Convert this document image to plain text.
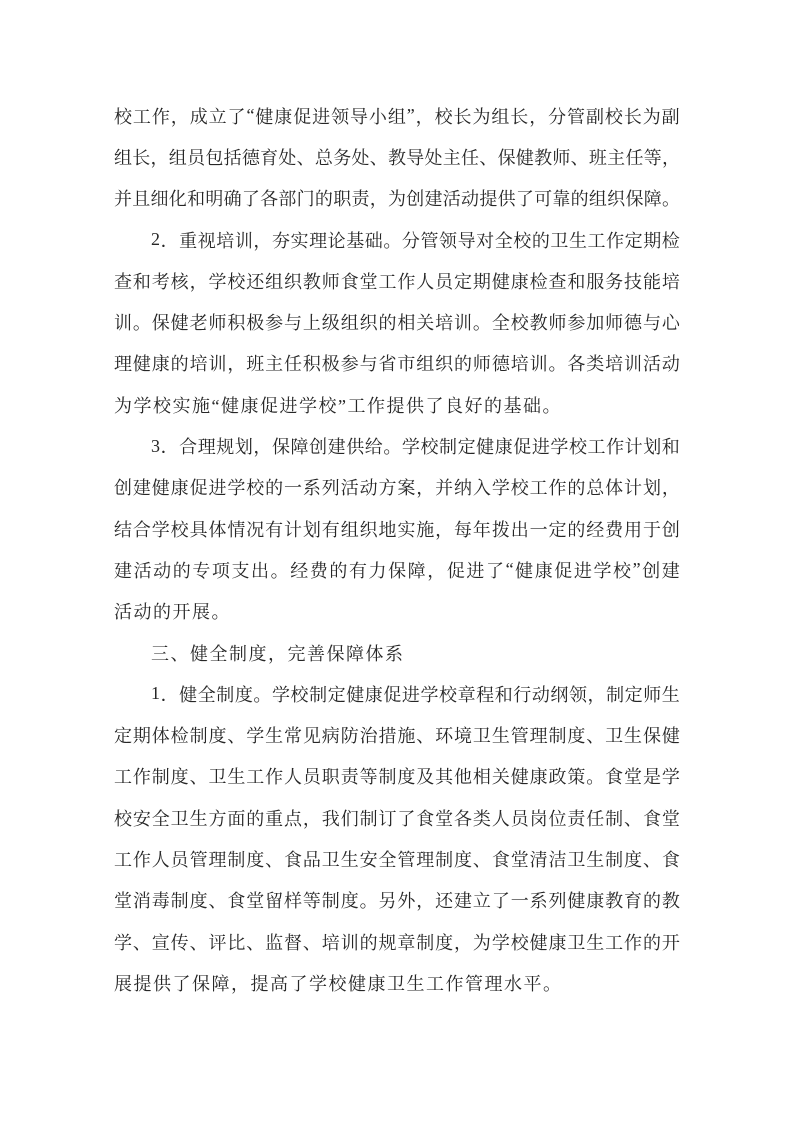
校 工 作 ， 成 立 了 “ 健 康 促 进 领 导 小 组 ” ， 校 长 为 组 长 ， 分 管 副 校 长 为 副
组 长 ， 组 员 包 括 德 育 处 、 总 务 处 、 教 导 处 主 任 、 保 健 教 师 、 班 主 任 等 ，
并 且 细 化 和 明 确 了 各 部 门 的 职 责 ， 为 创 建 活 动 提 供 了 可 靠 的 组 织 保 障 。
2 ． 重 视 培 训 ， 夯 实 理 论 基 础 。 分 管 领 导 对 全 校 的 卫 生 工 作 定 期 检
查 和 考 核 ， 学 校 还 组 织 教 师 食 堂 工 作 人 员 定 期 健 康 检 查 和 服 务 技 能 培
训 。 保 健 老 师 积 极 参 与 上 级 组 织 的 相 关 培 训 。 全 校 教 师 参 加 师 德 与 心
理 健 康 的 培 训 ， 班 主 任 积 极 参 与 省 市 组 织 的 师 德 培 训 。 各 类 培 训 活 动
为学校实施“健康促进学校”工作提供了良好的基础。
3 ． 合 理 规 划 ， 保 障 创 建 供 给 。 学 校 制 定 健 康 促 进 学 校 工 作 计 划 和
创 建 健 康 促 进 学 校 的 一 系 列 活 动 方 案 ， 并 纳 入 学 校 工 作 的 总 体 计 划 ，
结 合 学 校 具 体 情 况 有 计 划 有 组 织 地 实 施 ， 每 年 拨 出 一 定 的 经 费 用 于 创
建 活 动 的 专 项 支 出 。 经 费 的 有 力 保 障 ， 促 进 了 “ 健 康 促 进 学 校 ” 创 建
活动的开展。
三、健全制度，完善保障体系
1 ． 健 全 制 度 。 学 校 制 定 健 康 促 进 学 校 章 程 和 行 动 纲 领 ， 制 定 师 生
定 期 体 检 制 度 、 学 生 常 见 病 防 治 措 施 、 环 境 卫 生 管 理 制 度 、 卫 生 保 健
工 作 制 度 、 卫 生 工 作 人 员 职 责 等 制 度 及 其 他 相 关 健 康 政 策 。 食 堂 是 学
校 安 全 卫 生 方 面 的 重 点 ， 我 们 制 订 了 食 堂 各 类 人 员 岗 位 责 任 制 、 食 堂
工 作 人 员 管 理 制 度 、 食 品 卫 生 安 全 管 理 制 度 、 食 堂 清 洁 卫 生 制 度 、 食
堂 消 毒 制 度 、 食 堂 留 样 等 制 度 。 另 外 ， 还 建 立 了 一 系 列 健 康 教 育 的 教
学 、 宣 传 、 评 比 、 监 督 、 培 训 的 规 章 制 度 ， 为 学 校 健 康 卫 生 工 作 的 开
展提供了保障，提高了学校健康卫生工作管理水平。
